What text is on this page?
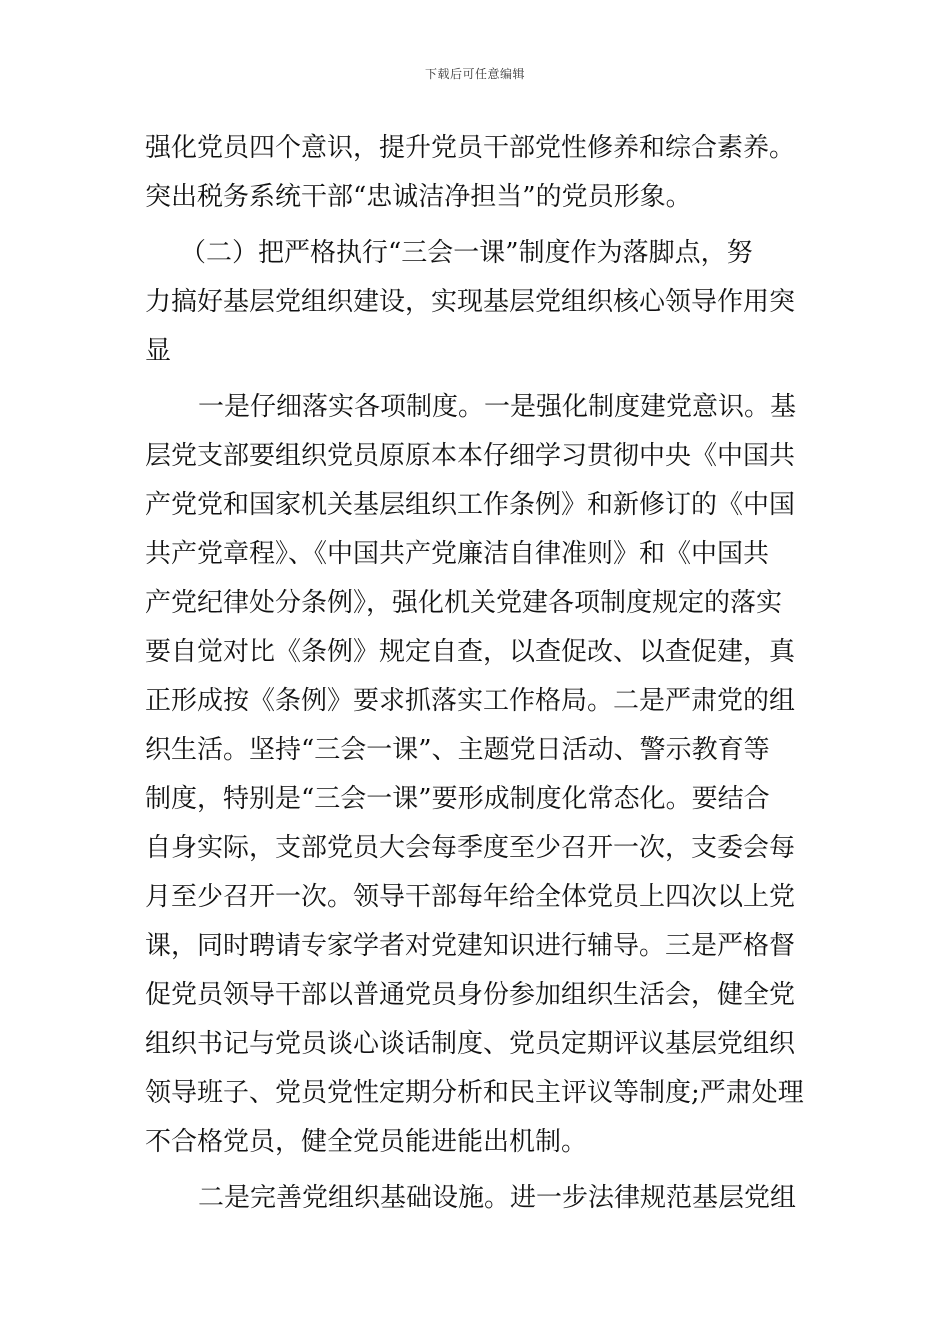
下载后可任意编辑
强化党员四个意识，提升党员干部党性修养和综合素养。
突出税务系统干部“忠诚洁净担当”的党员形象。
（二）把严格执行“三会一课”制度作为落脚点，努
力搞好基层党组织建设，实现基层党组织核心领导作用突
显
一是仔细落实各项制度。一是强化制度建党意识。基
层党支部要组织党员原原本本仔细学习贯彻中央《中国共
产党党和国家机关基层组织工作条例》和新修订的《中国
共产党章程》、《中国共产党廉洁自律准则》和《中国共
产党纪律处分条例》，强化机关党建各项制度规定的落实
要自觉对比《条例》规定自查，以查促改、以查促建，真
正形成按《条例》要求抓落实工作格局。二是严肃党的组
织生活。坚持“三会一课”、主题党日活动、警示教育等
制度，特别是“三会一课”要形成制度化常态化。要结合
自身实际，支部党员大会每季度至少召开一次，支委会每
月至少召开一次。领导干部每年给全体党员上四次以上党
课，同时聘请专家学者对党建知识进行辅导。三是严格督
促党员领导干部以普通党员身份参加组织生活会，健全党
组织书记与党员谈心谈话制度、党员定期评议基层党组织
领导班子、党员党性定期分析和民主评议等制度;严肃处理
不合格党员，健全党员能进能出机制。
二是完善党组织基础设施。进一步法律规范基层党组
